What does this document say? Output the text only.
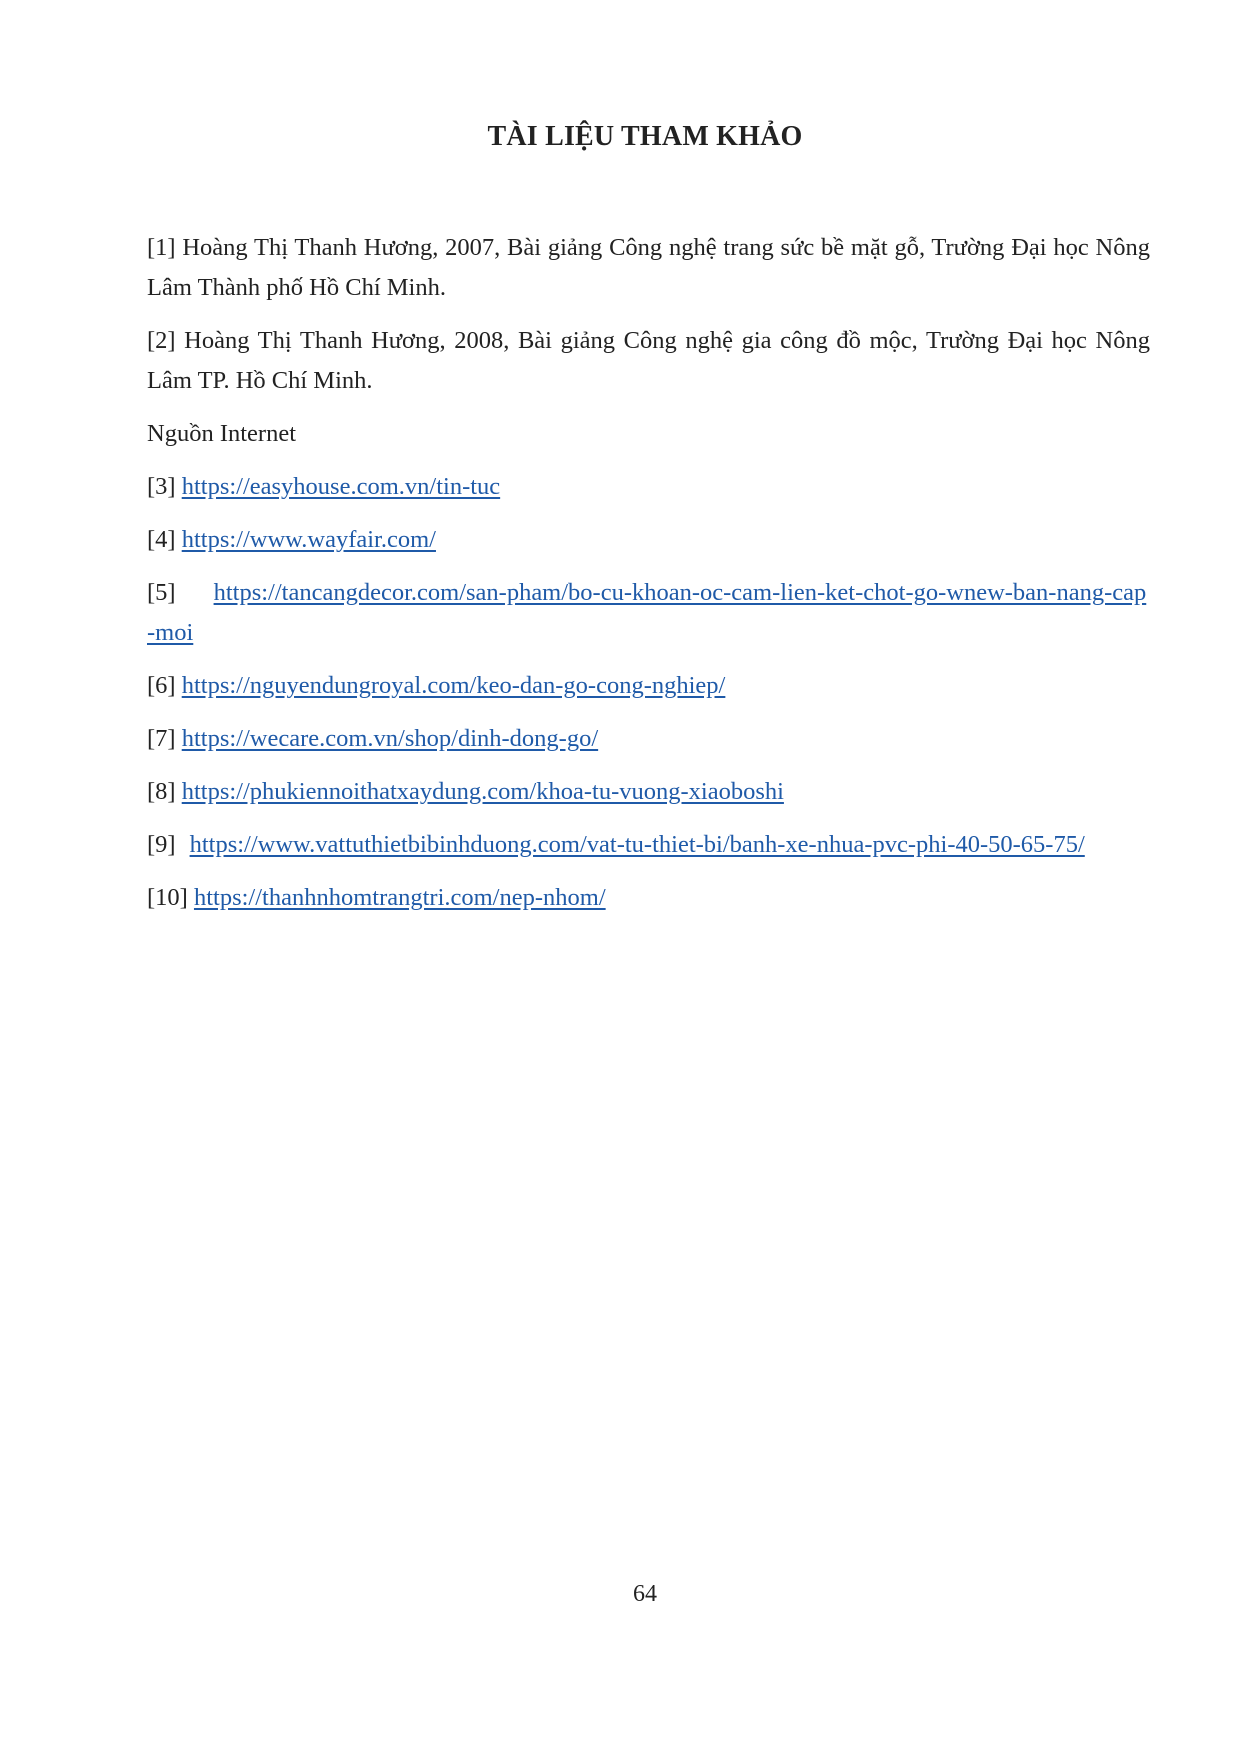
TÀI LIỆU THAM KHẢO

[1] Hoàng Thị Thanh Hương, 2007, Bài giảng Công nghệ trang sức bề mặt gỗ, Trường Đại học Nông Lâm Thành phố Hồ Chí Minh.

[2] Hoàng Thị Thanh Hương, 2008, Bài giảng Công nghệ gia công đồ mộc, Trường Đại học Nông Lâm TP. Hồ Chí Minh.

Nguồn Internet

[3] https://easyhouse.com.vn/tin-tuc

[4] https://www.wayfair.com/

[5] https://tancangdecor.com/san-pham/bo-cu-khoan-oc-cam-lien-ket-chot-go-wnew-ban-nang-cap-moi

[6] https://nguyendungroyal.com/keo-dan-go-cong-nghiep/

[7] https://wecare.com.vn/shop/dinh-dong-go/

[8] https://phukiennoithatxaydung.com/khoa-tu-vuong-xiaoboshi

[9] https://www.vattuthietbibinhduong.com/vat-tu-thiet-bi/banh-xe-nhua-pvc-phi-40-50-65-75/

[10] https://thanhnhomtrangtri.com/nep-nhom/

64
